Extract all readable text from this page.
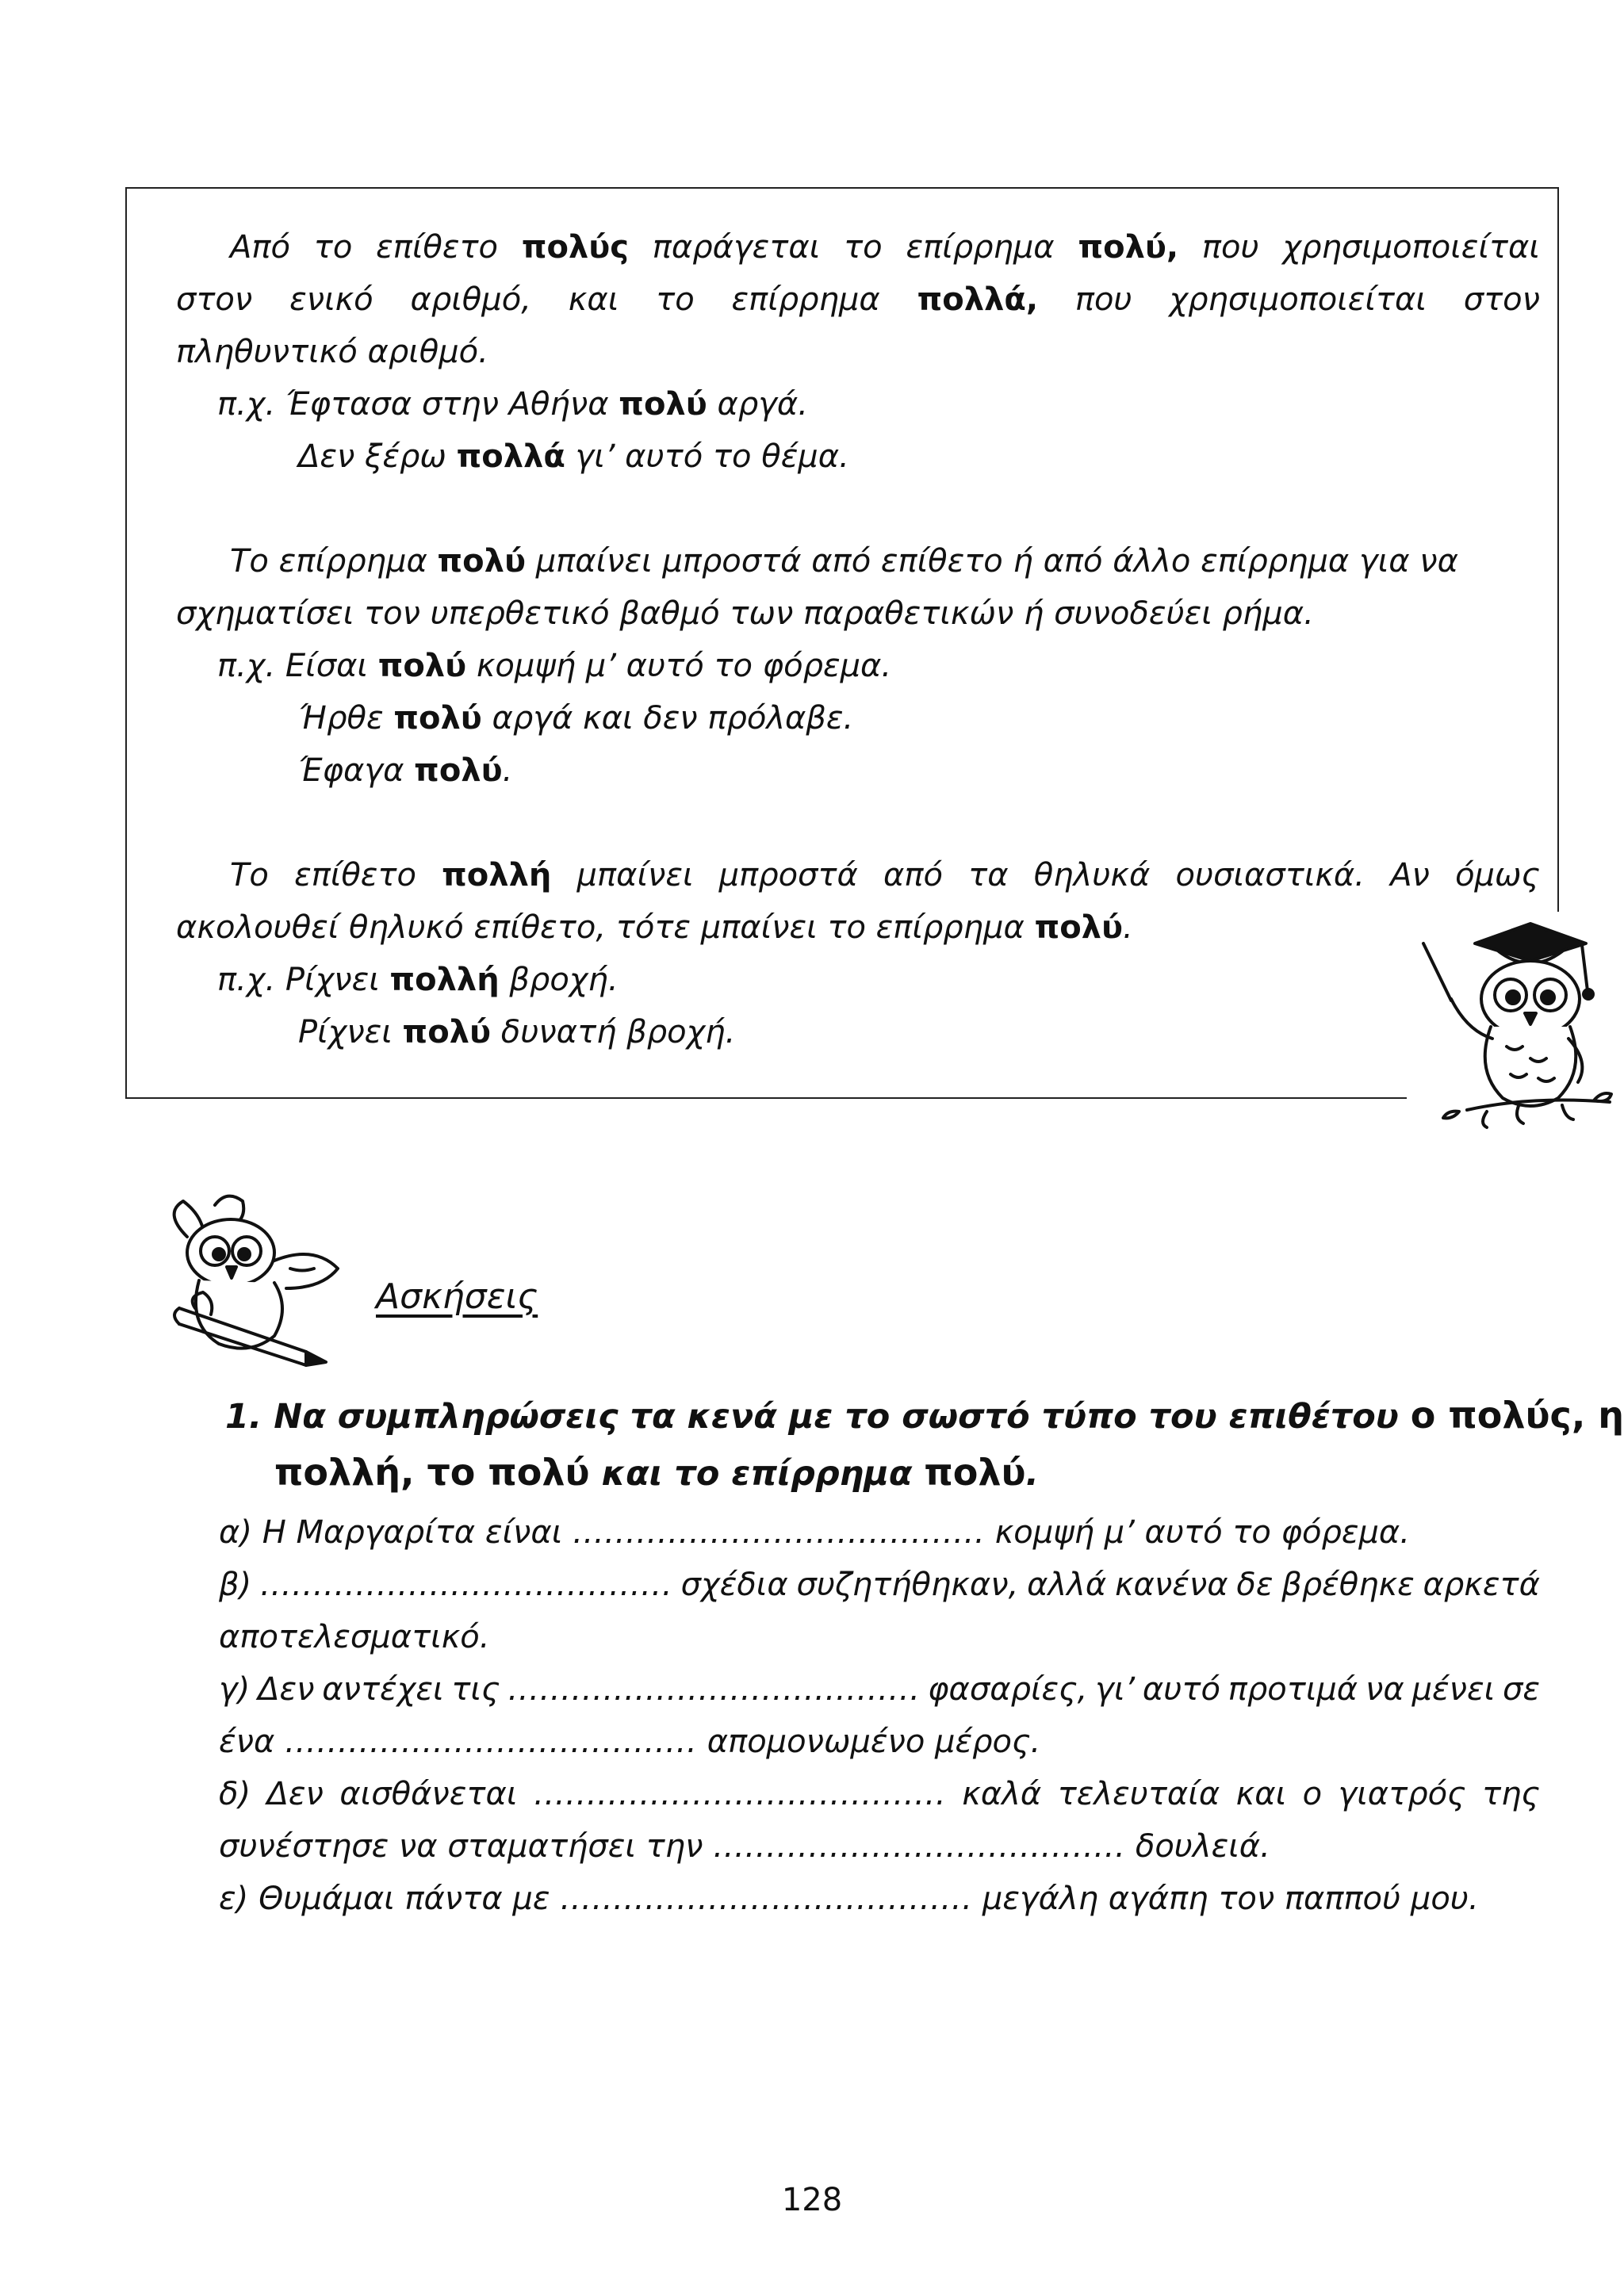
Από το επίθετο πολύς παράγεται το επίρρημα πολύ, που χρησιμοποιείται
στον ενικό αριθμό, και το επίρρημα πολλά, που χρησιμοποιείται στον
πληθυντικό αριθμό.
π.χ. Έφτασα στην Αθήνα πολύ αργά.
Δεν ξέρω πολλά γι’ αυτό το θέμα.
Το επίρρημα πολύ μπαίνει μπροστά από επίθετο ή από άλλο επίρρημα για να
σχηματίσει τον υπερθετικό βαθμό των παραθετικών ή συνοδεύει ρήμα.
π.χ. Είσαι πολύ κομψή μ’ αυτό το φόρεμα.
Ήρθε πολύ αργά και δεν πρόλαβε.
Έφαγα πολύ.
Το επίθετο πολλή μπαίνει μπροστά από τα θηλυκά ουσιαστικά. Αν όμως
ακολουθεί θηλυκό επίθετο, τότε μπαίνει το επίρρημα πολύ.
π.χ. Ρίχνει πολλή βροχή.
Ρίχνει πολύ δυνατή βροχή.
Ασκήσεις
1. Να συμπληρώσεις τα κενά με το σωστό τύπο του επιθέτου ο πολύς, η
πολλή, το πολύ και το επίρρημα πολύ.
α) Η Μαργαρίτα είναι ………………………………… κομψή μ’ αυτό το φόρεμα.
β) ………………………………… σχέδια συζητήθηκαν, αλλά κανένα δε βρέθηκε αρκετά
αποτελεσματικό.
γ) Δεν αντέχει τις ………………………………… φασαρίες, γι’ αυτό προτιμά να μένει σε
ένα ………………………………… απομονωμένο μέρος.
δ) Δεν αισθάνεται ………………………………… καλά τελευταία και ο γιατρός της
συνέστησε να σταματήσει την ………………………………… δουλειά.
ε) Θυμάμαι πάντα με ………………………………… μεγάλη αγάπη τον παππού μου.
128
